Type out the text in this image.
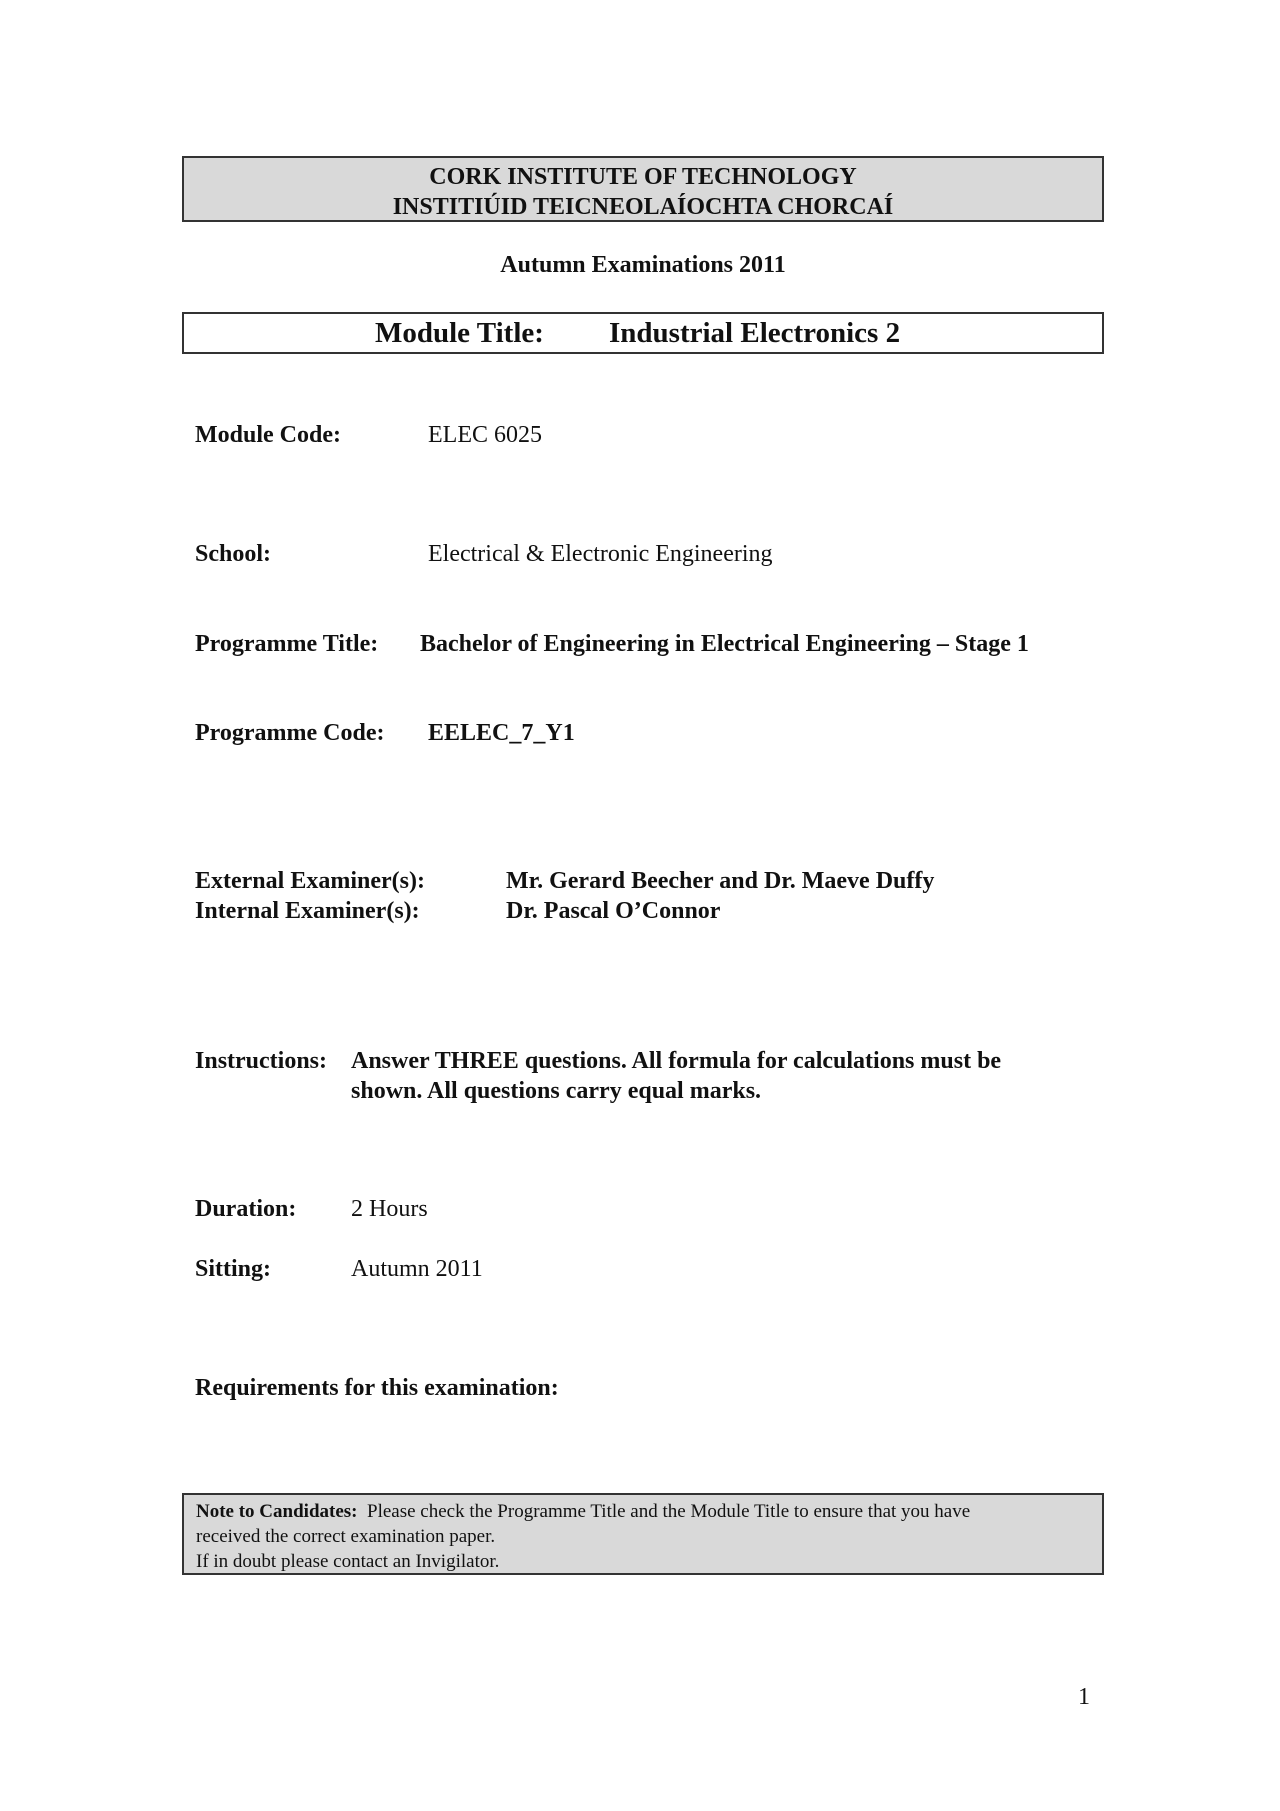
CORK INSTITUTE OF TECHNOLOGY
INSTITIÚID TEICNEOLAÍOCHTA CHORCAÍ
Autumn Examinations 2011
Module Title: Industrial Electronics 2
Module Code:	ELEC 6025
School:	Electrical & Electronic Engineering
Programme Title: Bachelor of Engineering in Electrical Engineering – Stage 1
Programme Code: EELEC_7_Y1
External Examiner(s):	Mr. Gerard Beecher and Dr. Maeve Duffy
Internal Examiner(s):	Dr. Pascal O’Connor
Instructions: Answer THREE questions. All formula for calculations must be
shown. All questions carry equal marks.
Duration: 2 Hours
Sitting:	Autumn 2011
Requirements for this examination:
Note to Candidates: Please check the Programme Title and the Module Title to ensure that you have
received the correct examination paper.
If in doubt please contact an Invigilator.
1
